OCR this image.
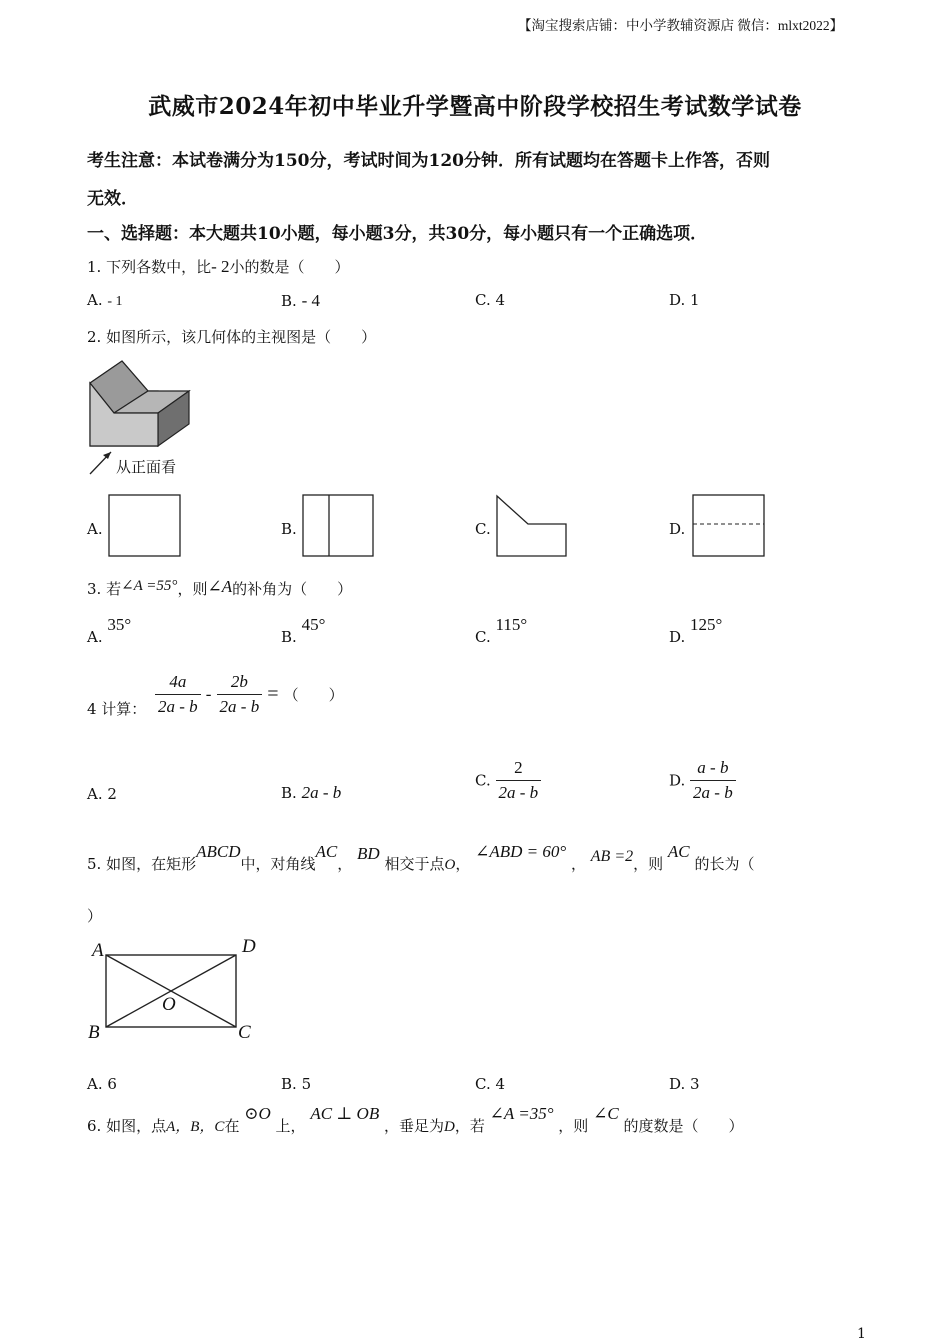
【淘宝搜索店铺：中小学教辅资源店 微信：mlxt2022】
武威市2024年初中毕业升学暨高中阶段学校招生考试数学试卷
考生注意：本试卷满分为150分，考试时间为120分钟．所有试题均在答题卡上作答，否则
无效．
一、选择题：本大题共10小题，每小题3分，共30分，每小题只有一个正确选项．
1. 下列各数中，比- 2小的数是（　　）
A. - 1	B. - 4	C. 4	D. 1
2. 如图所示，该几何体的主视图是（　　）
从正面看
A.	B.	C.	D.
3. 若∠A =55°，则∠A的补角为（　　）
A. 35°
B. 45°
C. 115°
D. 125°
4 计算： $\frac{4a}{2a - b} - \frac{2b}{2a - b}$ = （　　）
A. 2	B. 2a - b
C. $\frac{2}{2a - b}$	D. $\frac{a - b}{2a - b}$
5. 如图，在矩形ABCD中，对角线AC， BD 相交于点O， ∠ABD = 60° ， AB =2，则 AC 的长为（
）
A	D
B	C
O
A. 6	B. 5	C. 4	D. 3
6. 如图，点A，B，C在 ⊙O 上， AC ⊥ OB ，垂足为D，若 ∠A =35° ，则 ∠C 的度数是（　　）
1
